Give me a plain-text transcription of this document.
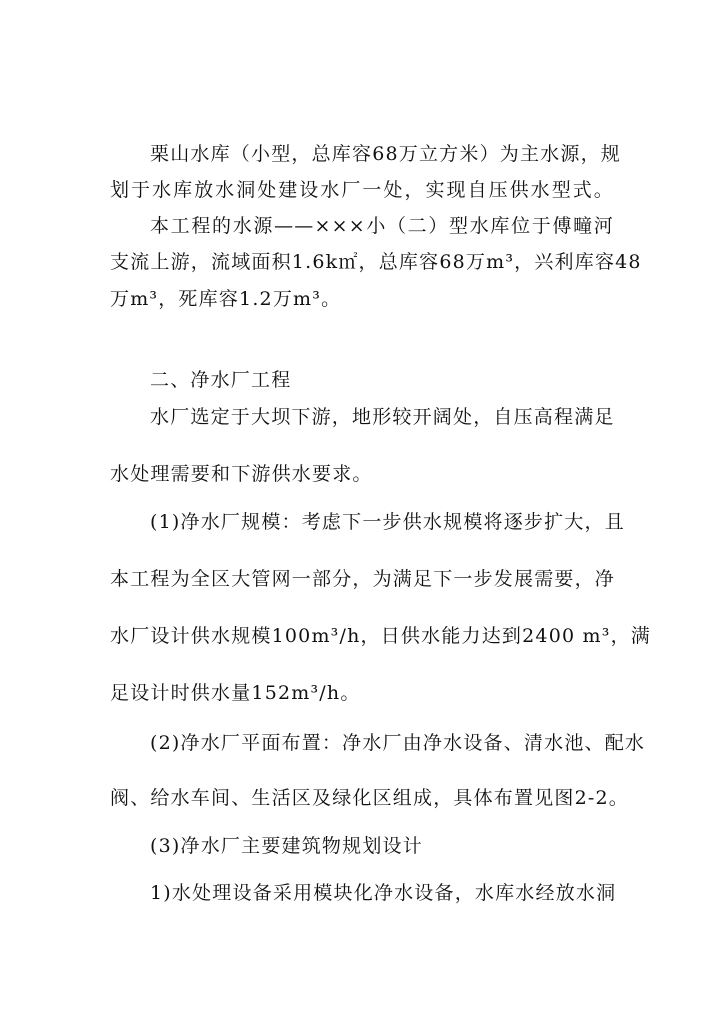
栗山水库（小型，总库容68万立方米）为主水源，规
划于水库放水洞处建设水厂一处，实现自压供水型式。
本工程的水源——×××小（二）型水库位于傅疃河
支流上游，流域面积1.6k㎡，总库容68万m³，兴利库容48
万m³，死库容1.2万m³。
二、净水厂工程
水厂选定于大坝下游，地形较开阔处，自压高程满足
水处理需要和下游供水要求。
(1)净水厂规模：考虑下一步供水规模将逐步扩大，且
本工程为全区大管网一部分，为满足下一步发展需要，净
水厂设计供水规模100m³/h，日供水能力达到2400 m³，满
足设计时供水量152m³/h。
(2)净水厂平面布置：净水厂由净水设备、清水池、配水
阀、给水车间、生活区及绿化区组成，具体布置见图2-2。
(3)净水厂主要建筑物规划设计
1)水处理设备采用模块化净水设备，水库水经放水洞
